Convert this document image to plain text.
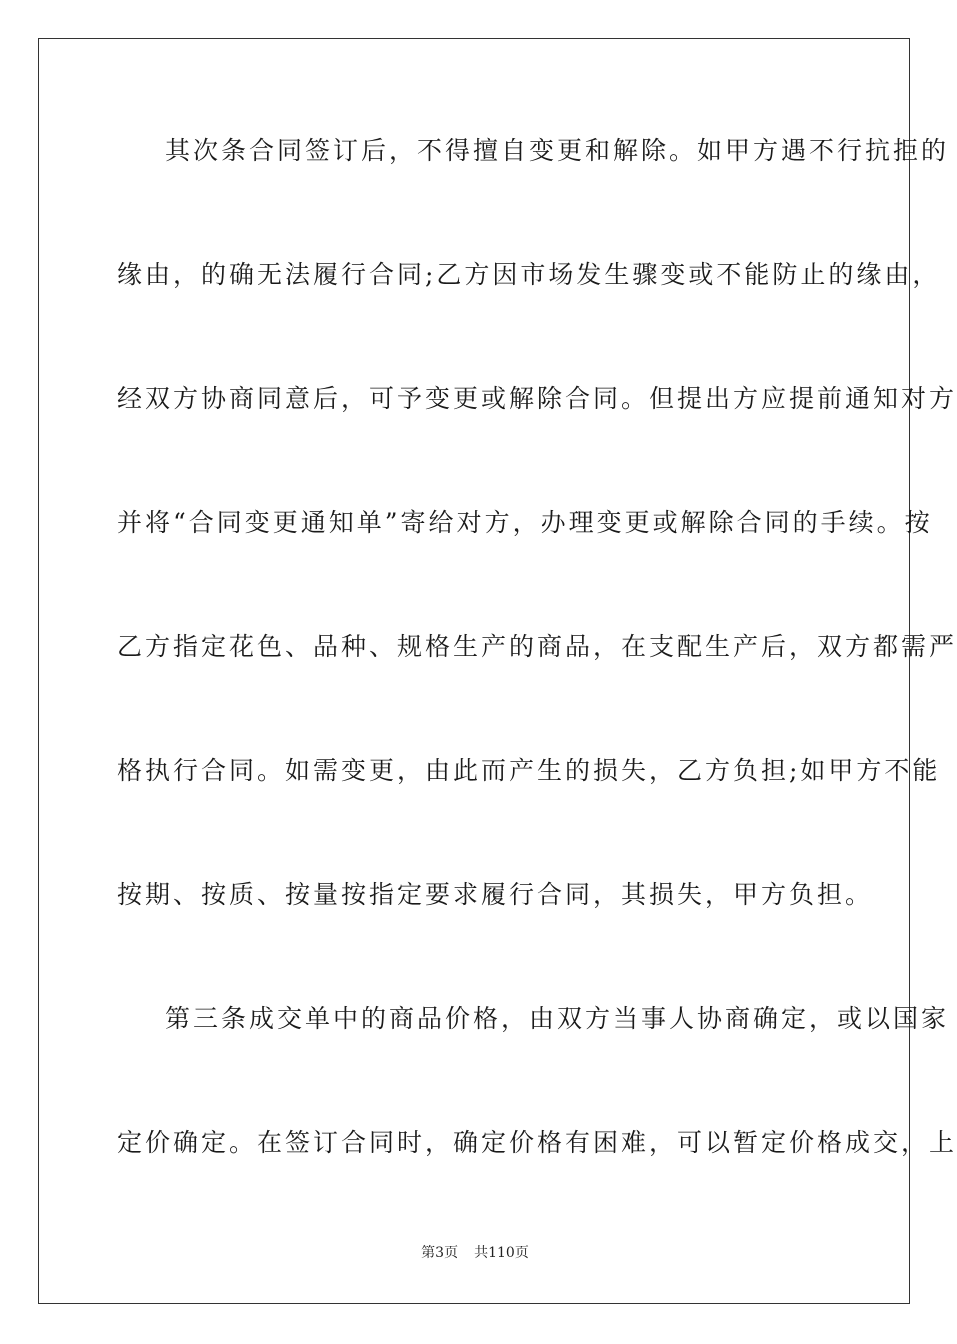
其次条合同签订后，不得擅自变更和解除。如甲方遇不行抗拒的
缘由，的确无法履行合同;乙方因市场发生骤变或不能防止的缘由，
经双方协商同意后，可予变更或解除合同。但提出方应提前通知对方
并将“合同变更通知单”寄给对方，办理变更或解除合同的手续。按
乙方指定花色、品种、规格生产的商品，在支配生产后，双方都需严
格执行合同。如需变更，由此而产生的损失，乙方负担;如甲方不能
按期、按质、按量按指定要求履行合同，其损失，甲方负担。
第三条成交单中的商品价格，由双方当事人协商确定，或以国家
定价确定。在签订合同时，确定价格有困难，可以暂定价格成交，上
第3页 共110页
